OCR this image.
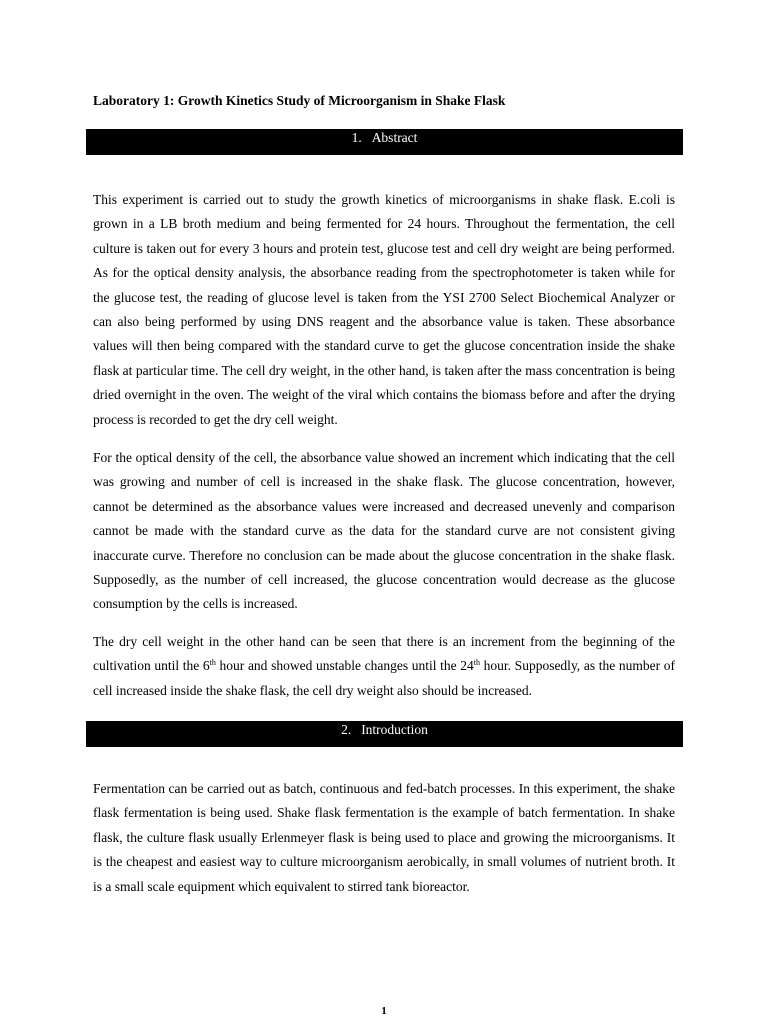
Laboratory 1: Growth Kinetics Study of Microorganism in Shake Flask
1. Abstract

This experiment is carried out to study the growth kinetics of microorganisms in shake flask. E.coli is grown in a LB broth medium and being fermented for 24 hours. Throughout the fermentation, the cell culture is taken out for every 3 hours and protein test, glucose test and cell dry weight are being performed. As for the optical density analysis, the absorbance reading from the spectrophotometer is taken while for the glucose test, the reading of glucose level is taken from the YSI 2700 Select Biochemical Analyzer or can also being performed by using DNS reagent and the absorbance value is taken. These absorbance values will then being compared with the standard curve to get the glucose concentration inside the shake flask at particular time. The cell dry weight, in the other hand, is taken after the mass concentration is being dried overnight in the oven. The weight of the viral which contains the biomass before and after the drying process is recorded to get the dry cell weight.

For the optical density of the cell, the absorbance value showed an increment which indicating that the cell was growing and number of cell is increased in the shake flask. The glucose concentration, however, cannot be determined as the absorbance values were increased and decreased unevenly and comparison cannot be made with the standard curve as the data for the standard curve are not consistent giving inaccurate curve. Therefore no conclusion can be made about the glucose concentration in the shake flask. Supposedly, as the number of cell increased, the glucose concentration would decrease as the glucose consumption by the cells is increased.

The dry cell weight in the other hand can be seen that there is an increment from the beginning of the cultivation until the 6th hour and showed unstable changes until the 24th hour. Supposedly, as the number of cell increased inside the shake flask, the cell dry weight also should be increased.

2. Introduction

Fermentation can be carried out as batch, continuous and fed-batch processes. In this experiment, the shake flask fermentation is being used. Shake flask fermentation is the example of batch fermentation. In shake flask, the culture flask usually Erlenmeyer flask is being used to place and growing the microorganisms. It is the cheapest and easiest way to culture microorganism aerobically, in small volumes of nutrient broth. It is a small scale equipment which equivalent to stirred tank bioreactor.

1
